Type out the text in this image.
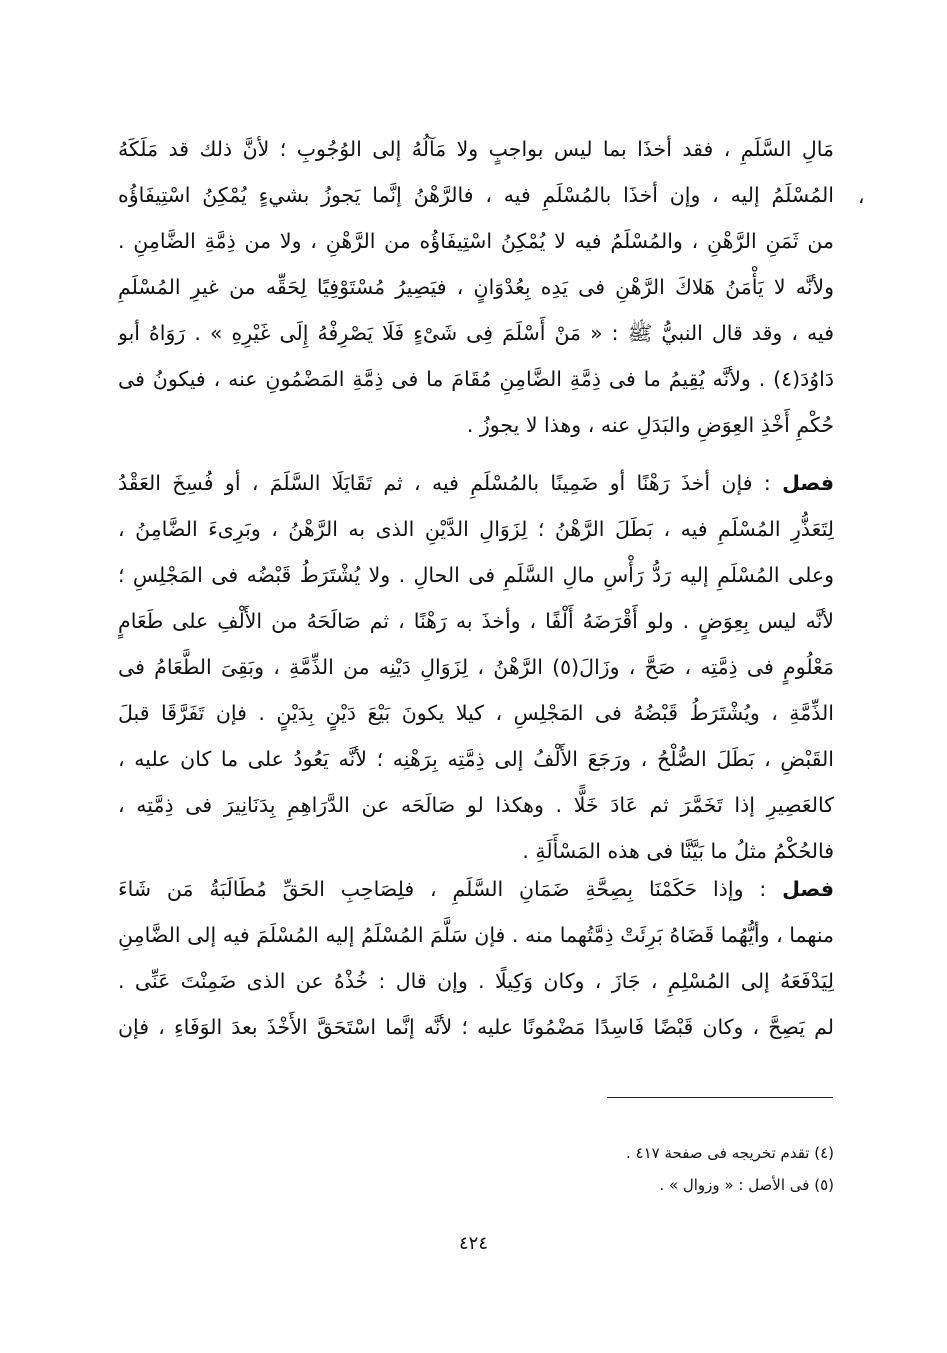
مَالِ السَّلَمِ ، فقد أخذَا بما ليس بواجبٍ ولا مَآلُهُ إلى الوُجُوبِ ؛ لأنَّ ذلك قد مَلَكَهُ
المُسْلَمُ إليه ، وإن أخذَا بالمُسْلَمِ فيه ، فالرَّهْنُ إنَّما يَجوزُ بشيءٍ يُمْكِنُ اسْتِيفَاؤُه
من ثَمَنِ الرَّهْنِ ، والمُسْلَمُ فيه لا يُمْكِنُ اسْتِيفَاؤُه من الرَّهْنِ ، ولا من ذِمَّةِ الضَّامِنِ .
ولأنَّه لا يَأْمَنُ هَلاكَ الرَّهْنِ فى يَدِه بِعُدْوَانٍ ، فيَصِيرُ مُسْتَوْفِيًا لِحَقِّه من غيرِ المُسْلَمِ
فيه ، وقد قال النبيُّ ﷺ : « مَنْ أَسْلَمَ فِى شَىْءٍ فَلَا يَصْرِفْهُ إِلَى غَيْرِهِ » . رَوَاهُ أبو
دَاوُدَ(٤) . ولأنَّه يُقِيمُ ما فى ذِمَّةِ الضَّامِنِ مُقَامَ ما فى ذِمَّةِ المَضْمُونِ عنه ، فيكونُ فى
حُكْمِ أَخْذِ العِوَضِ والبَدَلِ عنه ، وهذا لا يجوزُ .
،
فصل : فإن أخذَ رَهْنًا أو ضَمِينًا بالمُسْلَمِ فيه ، ثم تَقَايَلَا السَّلَمَ ، أو فُسِخَ العَقْدُ
لِتَعَذُّرِ المُسْلَمِ فيه ، بَطَلَ الرَّهْنُ ؛ لِزَوَالِ الدَّيْنِ الذى به الرَّهْنُ ، وبَرِىءَ الضَّامِنُ ،
وعلى المُسْلَمِ إليه رَدُّ رَأْسِ مالِ السَّلَمِ فى الحالِ . ولا يُشْتَرَطُ قَبْضُه فى المَجْلِسِ ؛
لأنَّه ليس بِعِوَضٍ . ولو أَقْرَضَهُ أَلْفًا ، وأخذَ به رَهْنًا ، ثم صَالَحَهُ من الأَلْفِ على طَعَامٍ
مَعْلُومٍ فى ذِمَّتِه ، صَحَّ ، وزَالَ(٥) الرَّهْنُ ، لِزَوَالِ دَيْنِه من الذِّمَّةِ ، وبَقِىَ الطَّعَامُ فى
الذِّمَّةِ ، ويُشْتَرَطُ قَبْضُهُ فى المَجْلِسِ ، كيلا يكونَ بَيْعَ دَيْنٍ بِدَيْنٍ . فإن تَفَرَّقَا قبلَ
القَبْضِ ، بَطَلَ الصُّلْحُ ، ورَجَعَ الأَلْفُ إلى ذِمَّتِه بِرَهْنِه ؛ لأنَّه يَعُودُ على ما كان عليه ،
كالعَصِيرِ إذا تَخَمَّرَ ثم عَادَ خَلًّا . وهكذا لو صَالَحَه عن الدَّرَاهِمِ بِدَنَانِيرَ فى ذِمَّتِه ،
فالحُكْمُ مثلُ ما بَيَّنَّا فى هذه المَسْأَلَةِ .
فصل : وإذا حَكَمْنَا بِصِحَّةِ ضَمَانِ السَّلَمِ ، فلِصَاحِبِ الحَقِّ مُطَالَبَةُ مَن شَاءَ
منهما ، وأيُّهُما قَضَاهُ بَرِئَتْ ذِمَّتُهما منه . فإن سَلَّمَ المُسْلَمُ إليه المُسْلَمَ فيه إلى الضَّامِنِ
لِيَدْفَعَهُ إلى المُسْلِمِ ، جَازَ ، وكان وَكِيلًا . وإن قال : خُذْهُ عن الذى ضَمِنْتَ عَنِّى .
لم يَصِحَّ ، وكان قَبْضًا فَاسِدًا مَضْمُونًا عليه ؛ لأنَّه إنَّما اسْتَحَقَّ الأَخْذَ بعدَ الوَفَاءِ ، فإن
(٤) تقدم تخريجه فى صفحة ٤١٧ .
(٥) فى الأصل : « وزوال » .
٤٢٤
